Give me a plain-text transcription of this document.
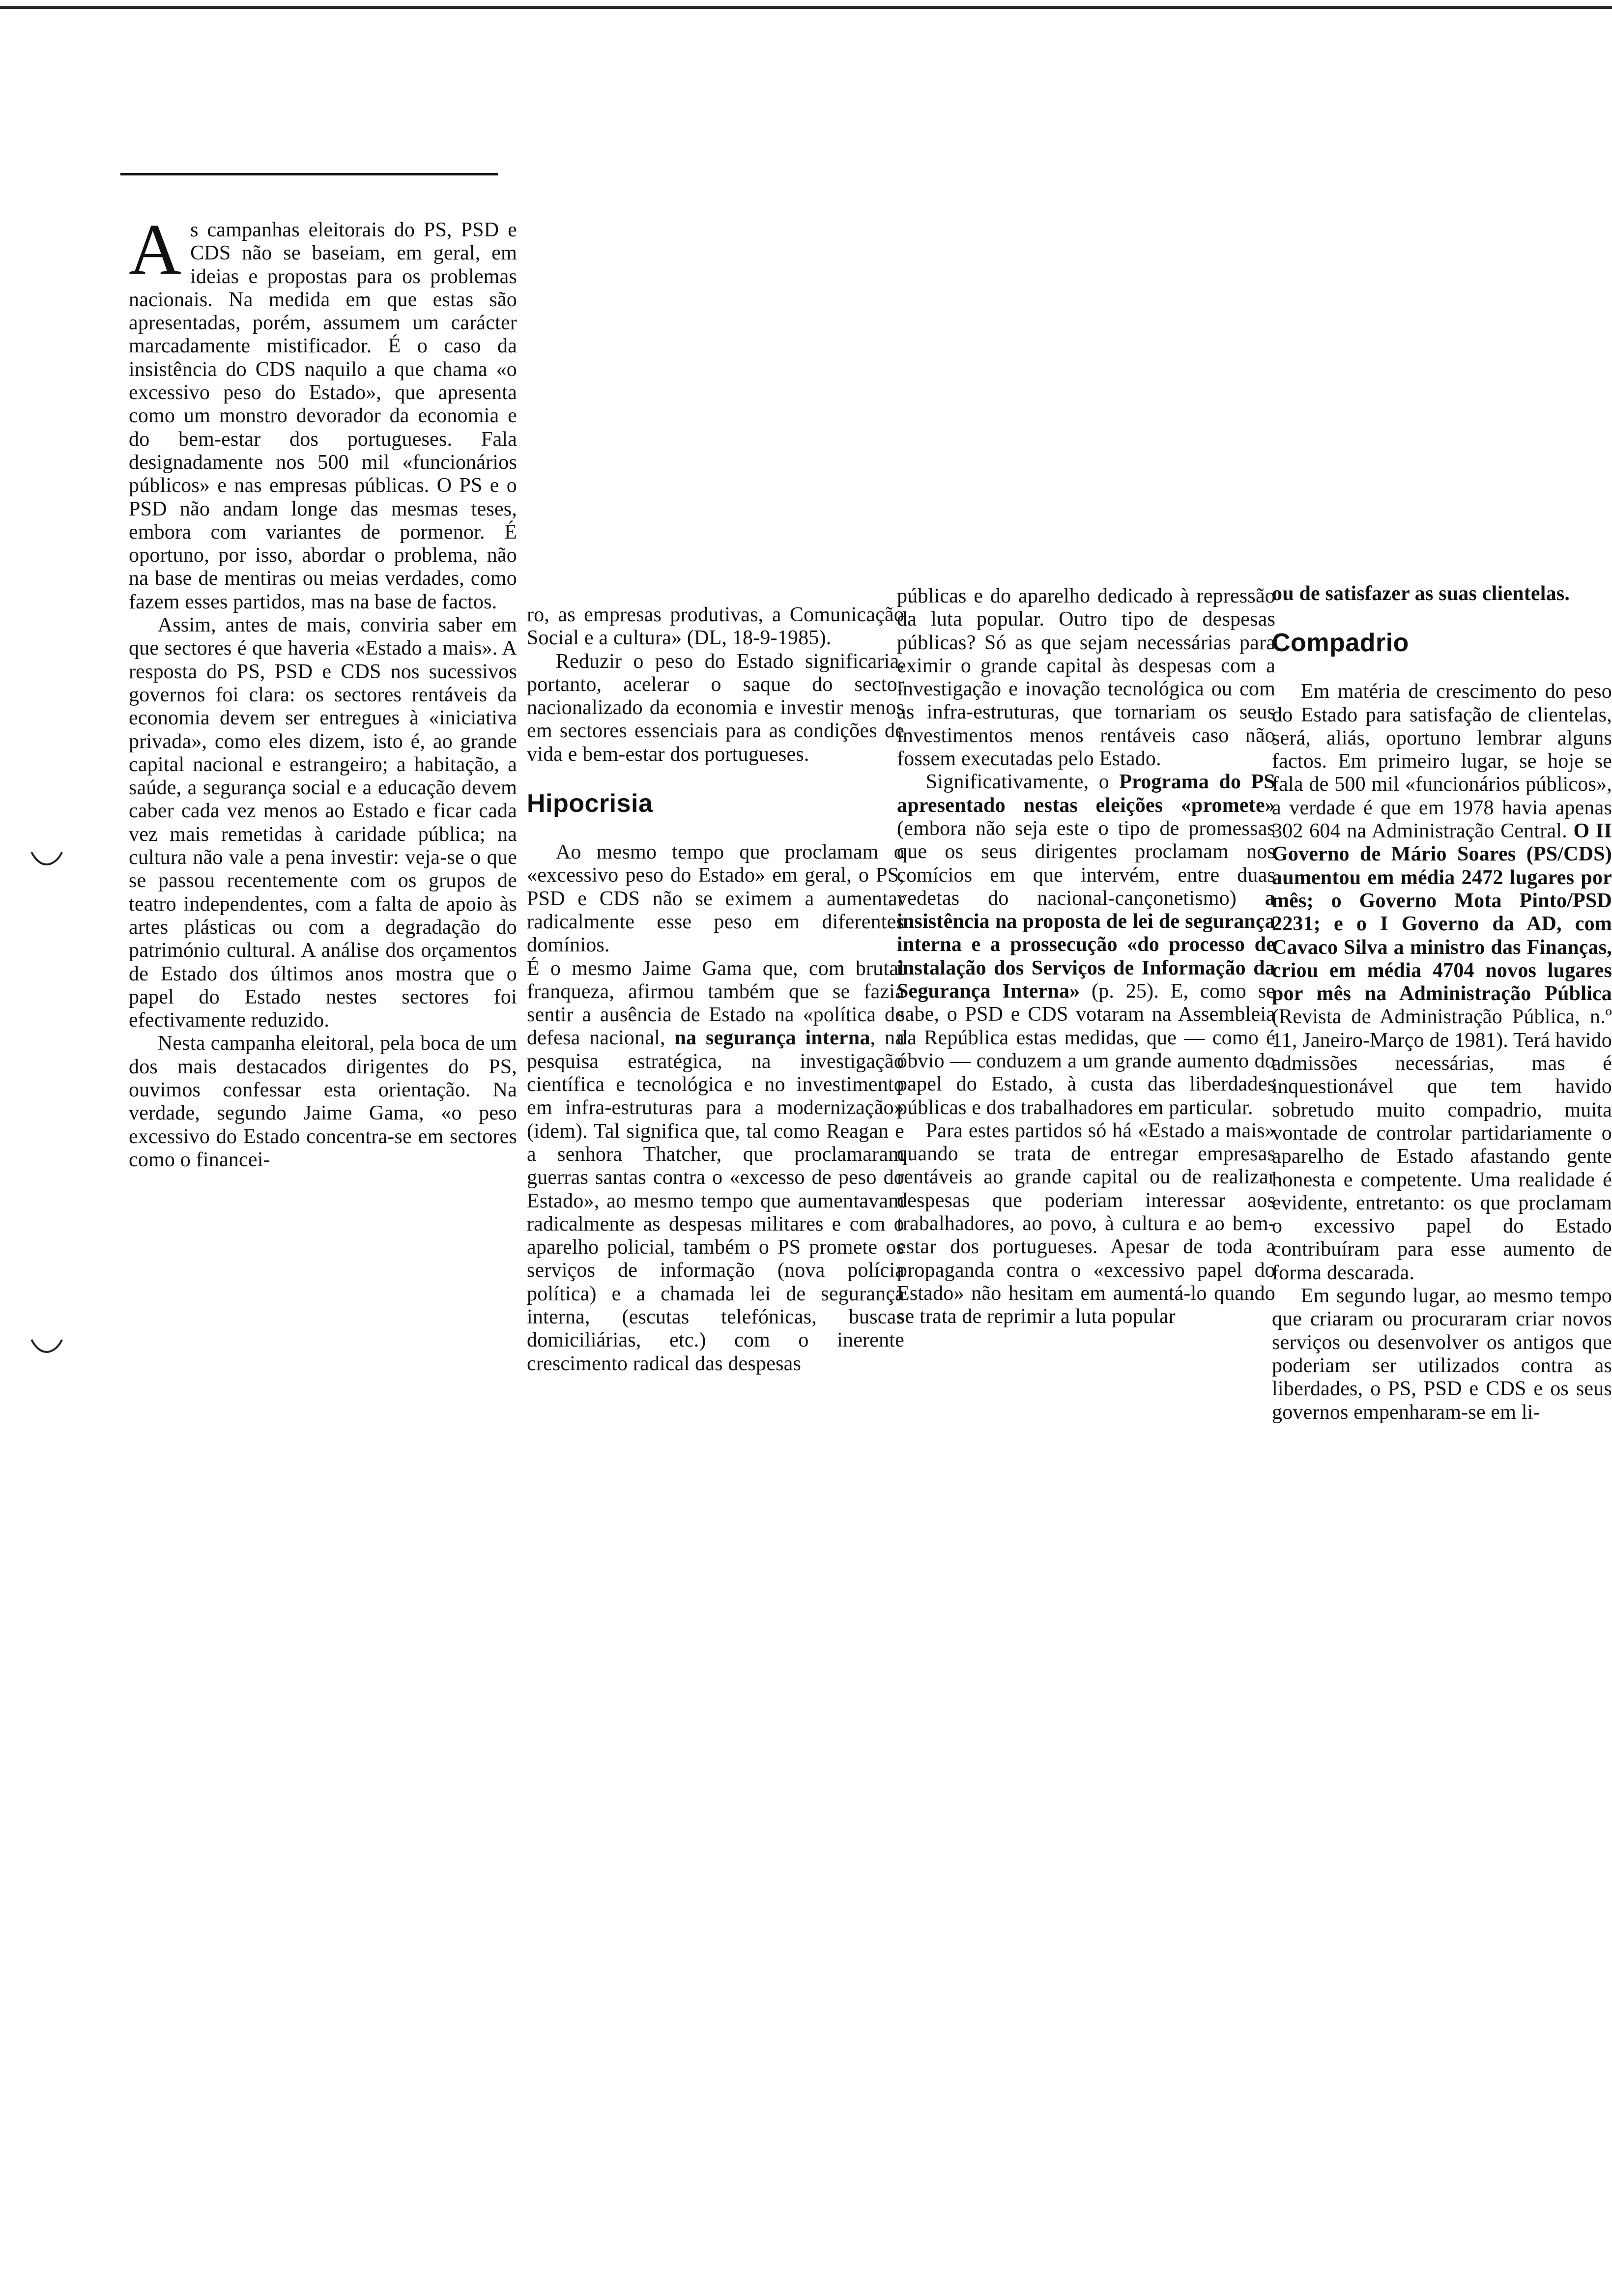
A s campanhas eleitorais do PS, PSD e CDS não se baseiam, em geral, em ideias e propostas para os problemas nacionais. Na medida em que estas são apresentadas, porém, assumem um carácter marcadamente mistificador. É o caso da insistência do CDS naquilo a que chama «o excessivo peso do Estado», que apresenta como um monstro devorador da economia e do bem-estar dos portugueses. Fala designadamente nos 500 mil «funcionários públicos» e nas empresas públicas. O PS e o PSD não andam longe das mesmas teses, embora com variantes de pormenor. É oportuno, por isso, abordar o problema, não na base de mentiras ou meias verdades, como fazem esses partidos, mas na base de factos.

Assim, antes de mais, conviria saber em que sectores é que haveria «Estado a mais». A resposta do PS, PSD e CDS nos sucessivos governos foi clara: os sectores rentáveis da economia devem ser entregues à «iniciativa privada», como eles dizem, isto é, ao grande capital nacional e estrangeiro; a habitação, a saúde, a segurança social e a educação devem caber cada vez menos ao Estado e ficar cada vez mais remetidas à caridade pública; na cultura não vale a pena investir: veja-se o que se passou recentemente com os grupos de teatro independentes, com a falta de apoio às artes plásticas ou com a degradação do património cultural. A análise dos orçamentos de Estado dos últimos anos mostra que o papel do Estado nestes sectores foi efectivamente reduzido.

Nesta campanha eleitoral, pela boca de um dos mais destacados dirigentes do PS, ouvimos confessar esta orientação. Na verdade, segundo Jaime Gama, «o peso excessivo do Estado concentra-se em sectores como o financei-

ro, as empresas produtivas, a Comunicação Social e a cultura» (DL, 18-9-1985).

Reduzir o peso do Estado significaria, portanto, acelerar o saque do sector nacionalizado da economia e investir menos em sectores essenciais para as condições de vida e bem-estar dos portugueses.

Hipocrisia

Ao mesmo tempo que proclamam o «excessivo peso do Estado» em geral, o PS, PSD e CDS não se eximem a aumentar radicalmente esse peso em diferentes domínios.

É o mesmo Jaime Gama que, com brutal franqueza, afirmou também que se fazia sentir a ausência de Estado na «política de defesa nacional, na segurança interna, na pesquisa estratégica, na investigação científica e tecnológica e no investimento em infra-estruturas para a modernização» (idem). Tal significa que, tal como Reagan e a senhora Thatcher, que proclamaram guerras santas contra o «excesso de peso do Estado», ao mesmo tempo que aumentavam radicalmente as despesas militares e com o aparelho policial, também o PS promete os serviços de informação (nova polícia política) e a chamada lei de segurança interna, (escutas telefónicas, buscas domiciliárias, etc.) com o inerente crescimento radical das despesas

públicas e do aparelho dedicado à repressão da luta popular. Outro tipo de despesas públicas? Só as que sejam necessárias para eximir o grande capital às despesas com a investigação e inovação tecnológica ou com as infra-estruturas, que tornariam os seus investimentos menos rentáveis caso não fossem executadas pelo Estado.

Significativamente, o Programa do PS apresentado nestas eleições «promete» (embora não seja este o tipo de promessas que os seus dirigentes proclamam nos comícios em que intervém, entre duas vedetas do nacional-cançonetismo) a insistência na proposta de lei de segurança interna e a prossecução «do processo de instalação dos Serviços de Informação da Segurança Interna» (p. 25). E, como se sabe, o PSD e CDS votaram na Assembleia da República estas medidas, que — como é óbvio — conduzem a um grande aumento do papel do Estado, à custa das liberdades públicas e dos trabalhadores em particular.

Para estes partidos só há «Estado a mais» quando se trata de entregar empresas rentáveis ao grande capital ou de realizar despesas que poderiam interessar aos trabalhadores, ao povo, à cultura e ao bem-estar dos portugueses. Apesar de toda a propaganda contra o «excessivo papel do Estado» não hesitam em aumentá-lo quando se trata de reprimir a luta popular

ou de satisfazer as suas clientelas.

Compadrio

Em matéria de crescimento do peso do Estado para satisfação de clientelas, será, aliás, oportuno lembrar alguns factos. Em primeiro lugar, se hoje se fala de 500 mil «funcionários públicos», a verdade é que em 1978 havia apenas 302 604 na Administração Central. O II Governo de Mário Soares (PS/CDS) aumentou em média 2472 lugares por mês; o Governo Mota Pinto/PSD 2231; e o I Governo da AD, com Cavaco Silva a ministro das Finanças, criou em média 4704 novos lugares por mês na Administração Pública (Revista de Administração Pública, n.º 11, Janeiro-Março de 1981). Terá havido admissões necessárias, mas é inquestionável que tem havido sobretudo muito compadrio, muita vontade de controlar partidariamente o aparelho de Estado afastando gente honesta e competente. Uma realidade é evidente, entretanto: os que proclamam o excessivo papel do Estado contribuíram para esse aumento de forma descarada.

Em segundo lugar, ao mesmo tempo que criaram ou procuraram criar novos serviços ou desenvolver os antigos que poderiam ser utilizados contra as liberdades, o PS, PSD e CDS e os seus governos empenharam-se em li-
